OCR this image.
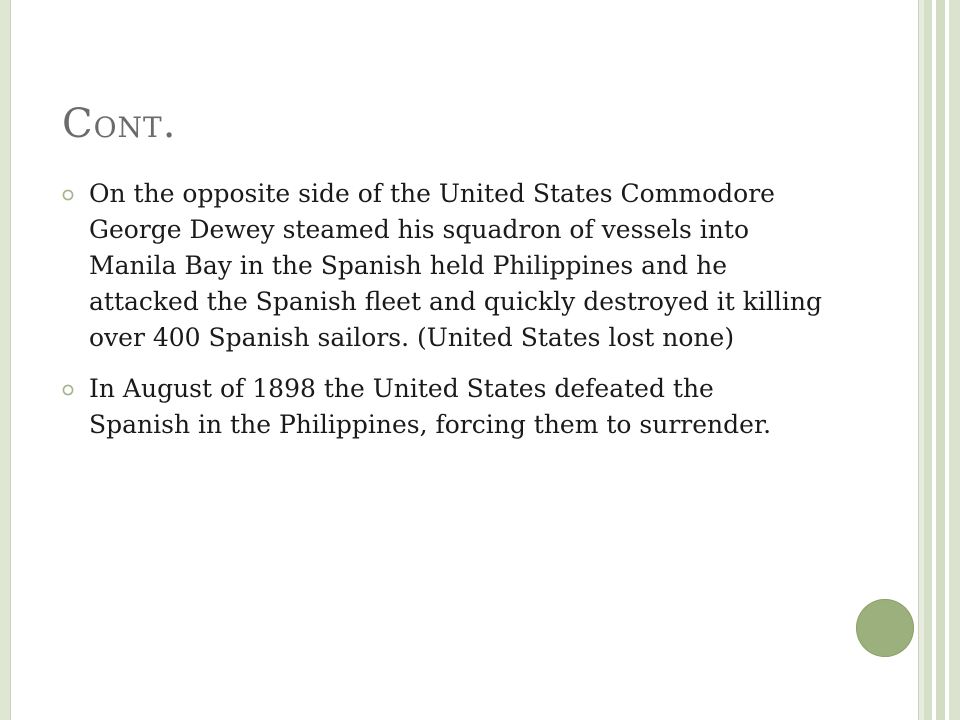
Cont.
On the opposite side of the United States Commodore George Dewey steamed his squadron of vessels into Manila Bay in the Spanish held Philippines and he attacked the Spanish fleet and quickly destroyed it killing over 400 Spanish sailors. (United States lost none)
In August of 1898 the United States defeated the Spanish in the Philippines, forcing them to surrender.
